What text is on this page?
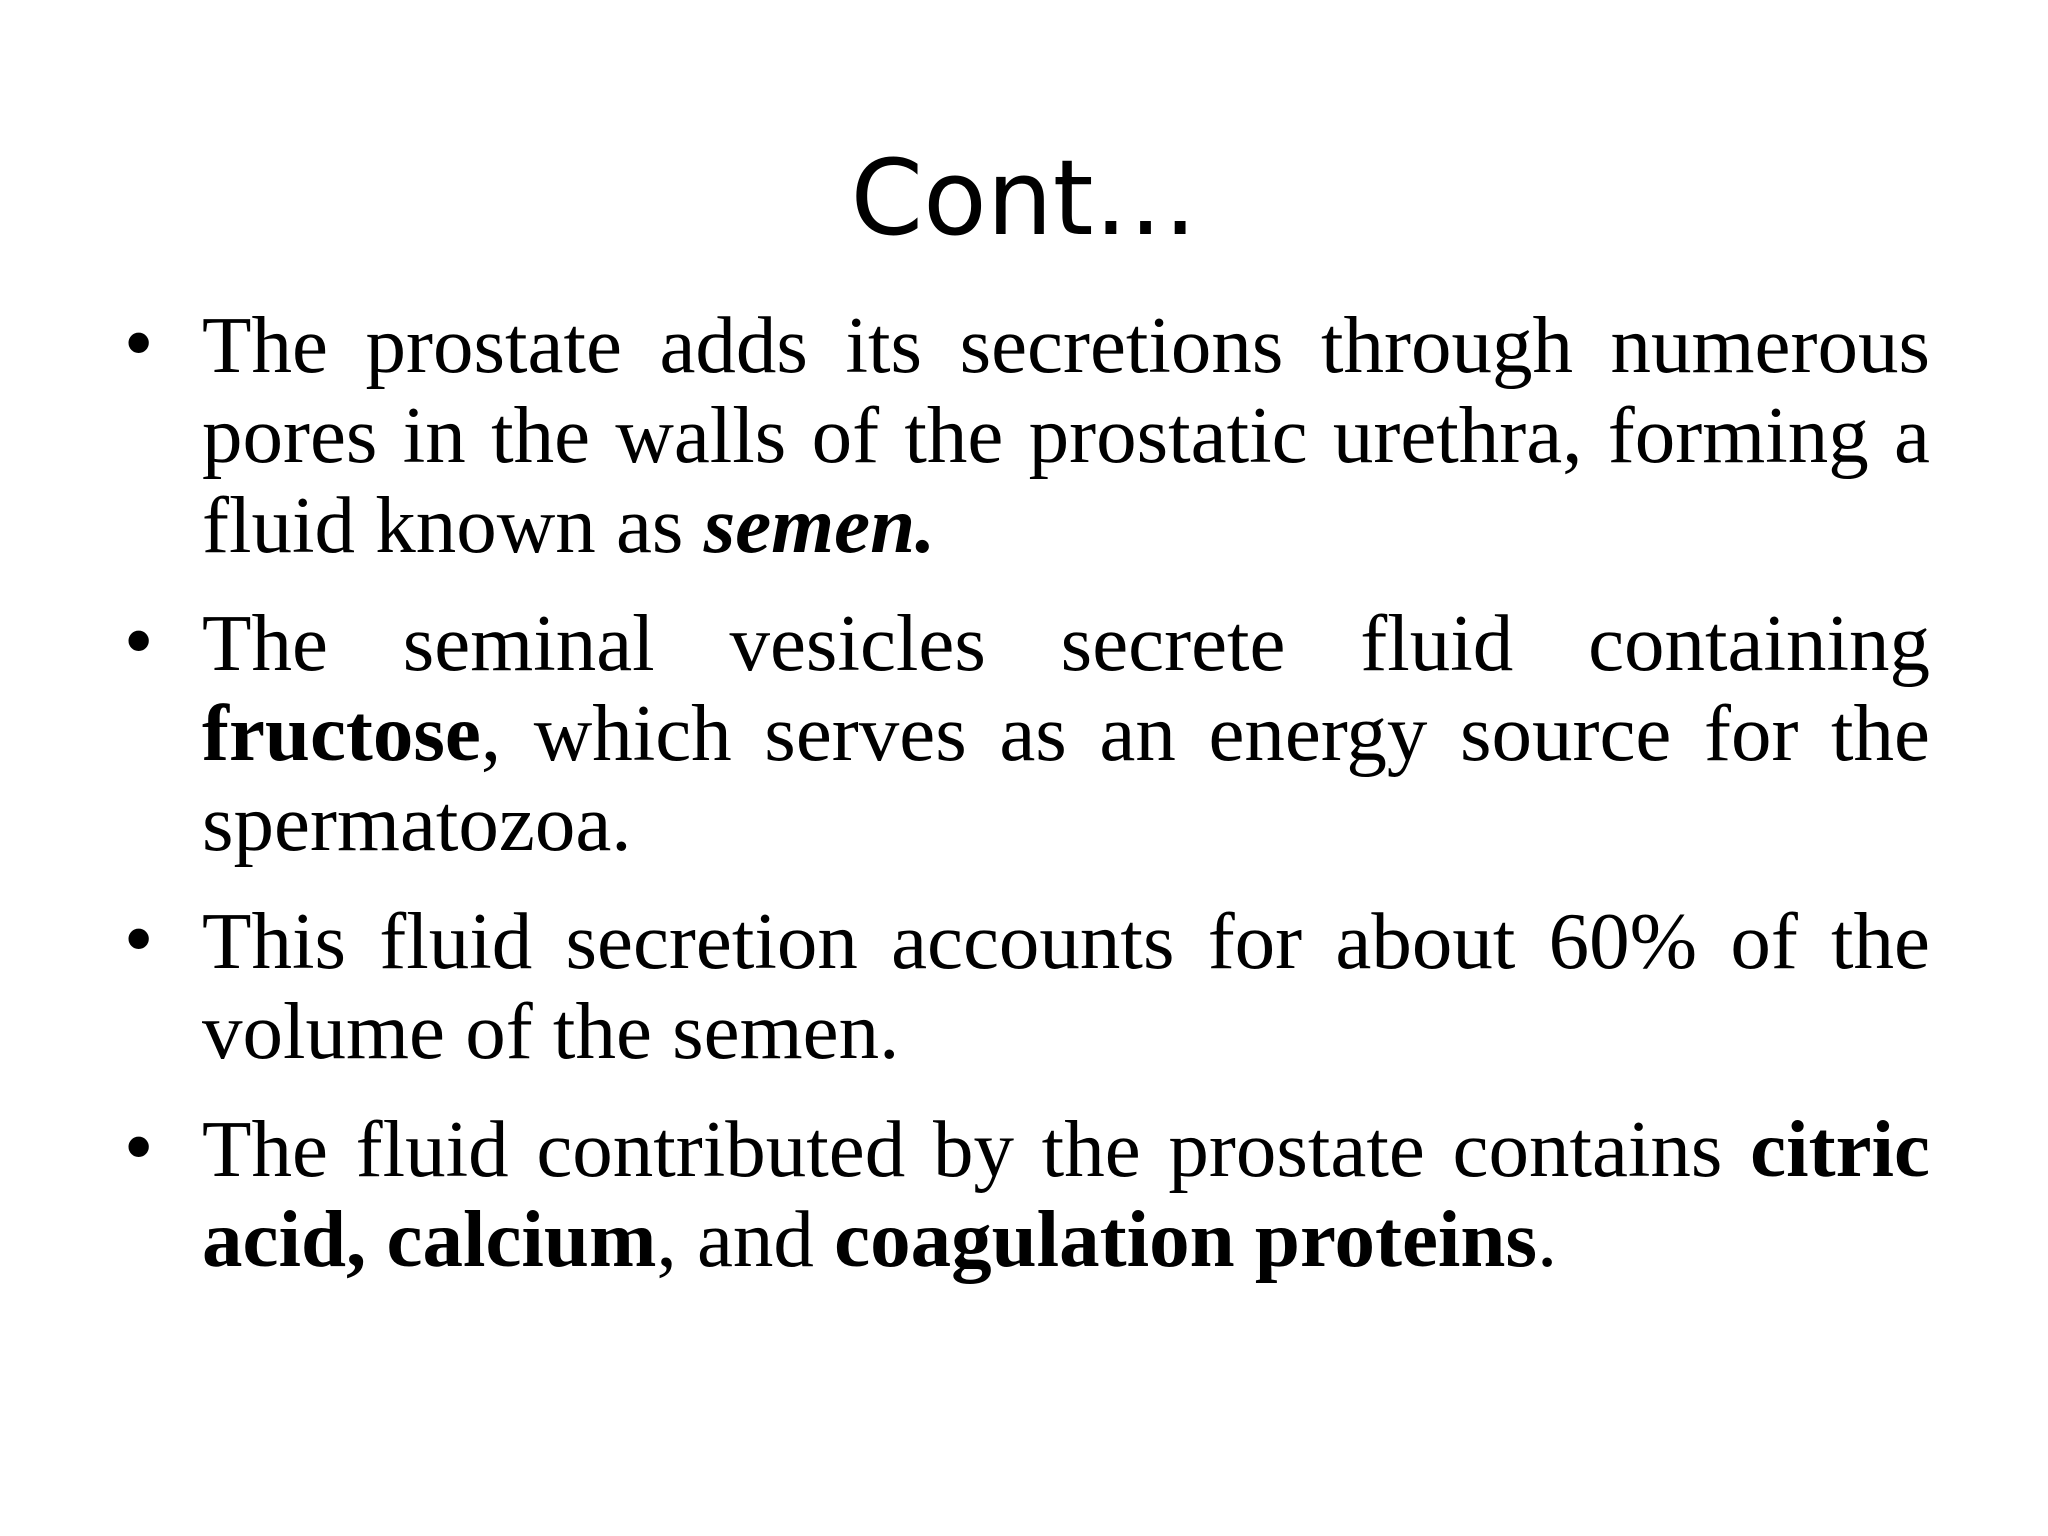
Cont…
• The prostate adds its secretions through numerous pores in the walls of the prostatic urethra, forming a fluid known as semen.
• The seminal vesicles secrete fluid containing fructose, which serves as an energy source for the spermatozoa.
• This fluid secretion accounts for about 60% of the volume of the semen.
• The fluid contributed by the prostate contains citric acid, calcium, and coagulation proteins.
